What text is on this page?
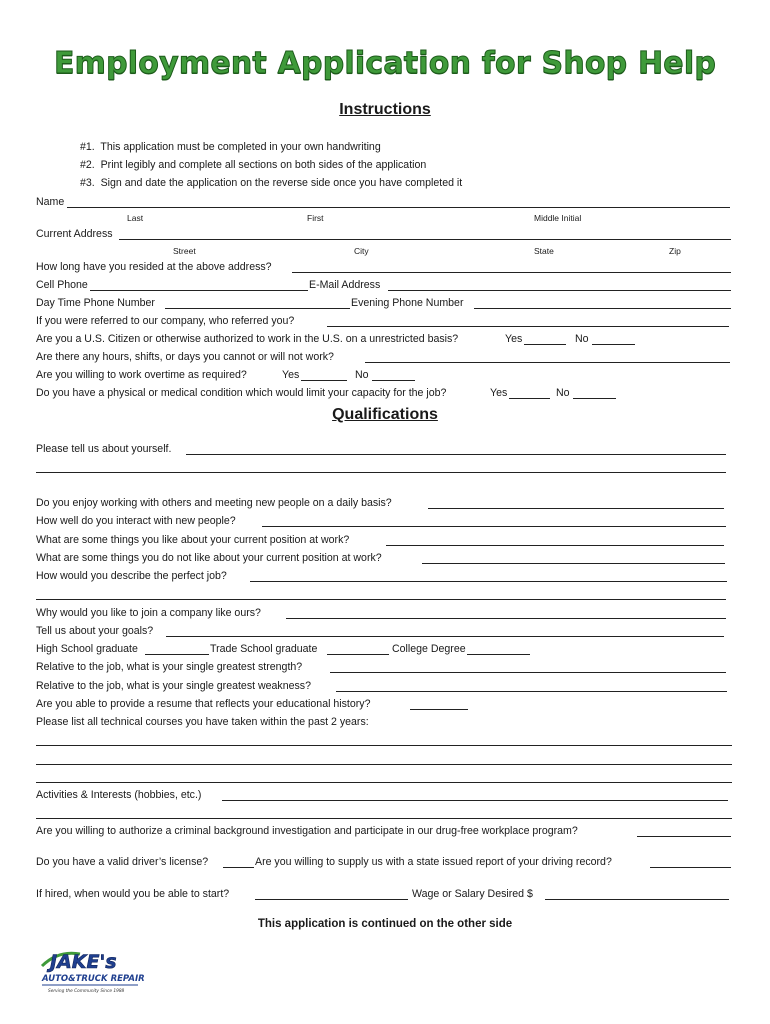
Employment Application for Shop Help
Instructions
#1.  This application must be completed in your own handwriting
#2.  Print legibly and complete all sections on both sides of the application
#3.  Sign and date the application on the reverse side once you have completed it
Name
Last	First	Middle Initial
Current Address
Street	City	State	Zip
How long have you resided at the above address?
Cell Phone	E-Mail Address
Day Time Phone Number	Evening Phone Number
If you were referred to our company, who referred you?
Are you a U.S. Citizen or otherwise authorized to work in the U.S. on a unrestricted basis?	Yes	No
Are there any hours, shifts, or days you cannot or will not work?
Are you willing to work overtime as required?	Yes	No
Do you have a physical or medical condition which would limit your capacity for the job?	Yes	No
Qualifications
Please tell us about yourself.
Do you enjoy working with others and meeting new people on a daily basis?
How well do you interact with new people?
What are some things you like about your current position at work?
What are some things you do not like about your current position at work?
How would you describe the perfect job?
Why would you like to join a company like ours?
Tell us about your goals?
High School graduate	Trade School graduate	College Degree
Relative to the job, what is your single greatest strength?
Relative to the job, what is your single greatest weakness?
Are you able to provide a resume that reflects your educational history?
Please list all technical courses you have taken within the past 2 years:
Activities & Interests (hobbies, etc.)
Are you willing to authorize a criminal background investigation and participate in our drug-free workplace program?
Do you have a valid driver’s license?	Are you willing to supply us with a state issued report of your driving record?
If hired, when would you be able to start?	Wage or Salary Desired $
This application is continued on the other side
JAKE's
AUTO&TRUCK REPAIR
Serving the Community Since 1988
